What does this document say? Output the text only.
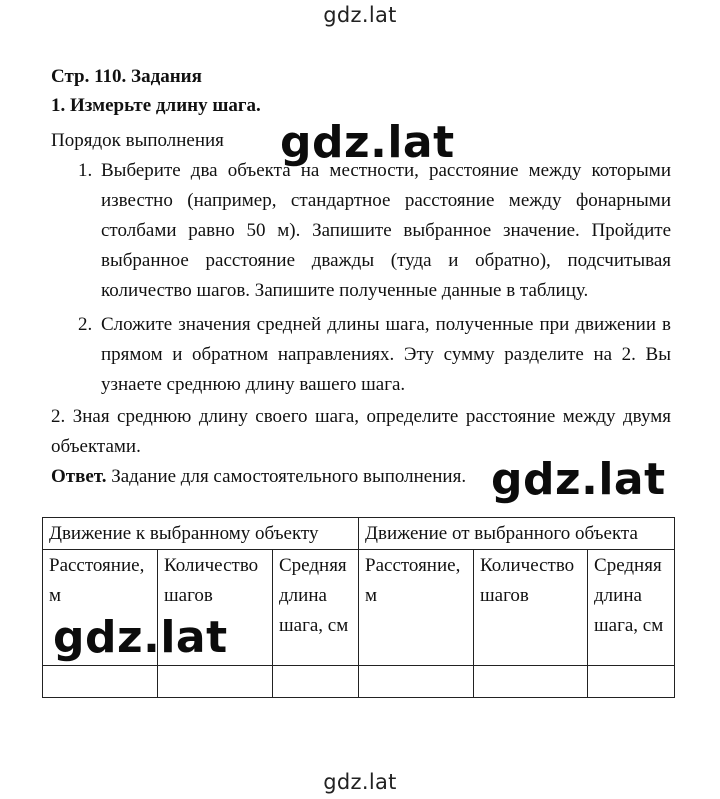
gdz.lat

Стр. 110. Задания

1. Измерьте длину шага.

Порядок выполнения
1. Выберите два объекта на местности, расстояние между которыми известно (например, стандартное расстояние между фонарными столбами равно 50 м). Запишите выбранное значение. Пройдите выбранное расстояние дважды (туда и обратно), подсчитывая количество шагов. Запишите полученные данные в таблицу.
2. Сложите значения средней длины шага, полученные при движении в прямом и обратном направлениях. Эту сумму разделите на 2. Вы узнаете среднюю длину вашего шага.
2. Зная среднюю длину своего шага, определите расстояние между двумя объектами.
Ответ. Задание для самостоятельного выполнения.
Движение к выбранному объекту			Движение от выбранного объекта		
Расстояние, м	Количество шагов	Средняя длина шага, см	Расстояние, м	Количество шагов	Средняя длина шага, см

gdz.lat
gdz.lat
gdz.lat
gdz.lat
